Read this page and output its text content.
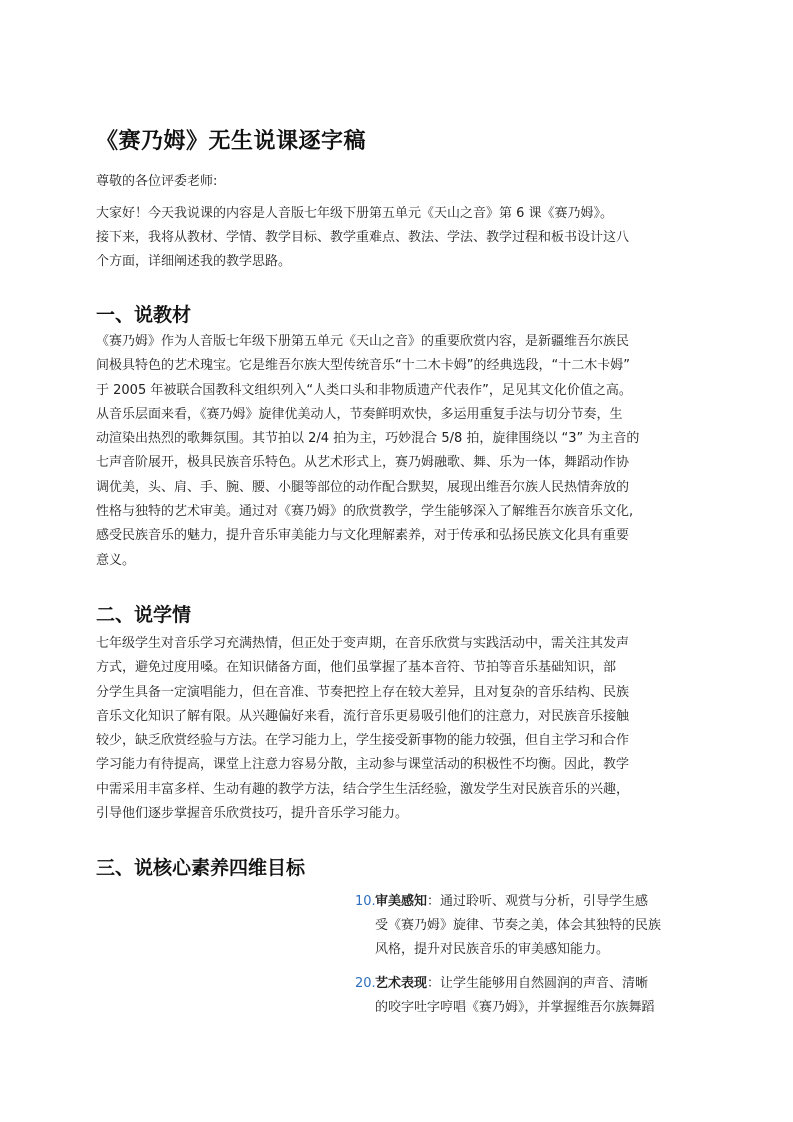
《赛乃姆》无生说课逐字稿
尊敬的各位评委老师:
大家好！今天我说课的内容是人音版七年级下册第五单元《天山之音》第 6 课《赛乃姆》。
接下来，我将从教材、学情、教学目标、教学重难点、教法、学法、教学过程和板书设计这八
个方面，详细阐述我的教学思路。
一、说教材
《赛乃姆》作为人音版七年级下册第五单元《天山之音》的重要欣赏内容，是新疆维吾尔族民
间极具特色的艺术瑰宝。它是维吾尔族大型传统音乐“十二木卡姆”的经典选段，“十二木卡姆”
于 2005 年被联合国教科文组织列入“人类口头和非物质遗产代表作”，足见其文化价值之高。
从音乐层面来看，《赛乃姆》旋律优美动人，节奏鲜明欢快，多运用重复手法与切分节奏，生
动渲染出热烈的歌舞氛围。其节拍以 2/4 拍为主，巧妙混合 5/8 拍，旋律围绕以 “3” 为主音的
七声音阶展开，极具民族音乐特色。从艺术形式上，赛乃姆融歌、舞、乐为一体，舞蹈动作协
调优美，头、肩、手、腕、腰、小腿等部位的动作配合默契，展现出维吾尔族人民热情奔放的
性格与独特的艺术审美。通过对《赛乃姆》的欣赏教学，学生能够深入了解维吾尔族音乐文化,
感受民族音乐的魅力，提升音乐审美能力与文化理解素养，对于传承和弘扬民族文化具有重要
意义。
二、说学情
七年级学生对音乐学习充满热情，但正处于变声期，在音乐欣赏与实践活动中，需关注其发声
方式，避免过度用嗓。在知识储备方面，他们虽掌握了基本音符、节拍等音乐基础知识，部
分学生具备一定演唱能力，但在音准、节奏把控上存在较大差异，且对复杂的音乐结构、民族
音乐文化知识了解有限。从兴趣偏好来看，流行音乐更易吸引他们的注意力，对民族音乐接触
较少，缺乏欣赏经验与方法。在学习能力上，学生接受新事物的能力较强，但自主学习和合作
学习能力有待提高，课堂上注意力容易分散，主动参与课堂活动的积极性不均衡。因此，教学
中需采用丰富多样、生动有趣的教学方法，结合学生生活经验，激发学生对民族音乐的兴趣，
引导他们逐步掌握音乐欣赏技巧，提升音乐学习能力。
三、说核心素养四维目标
10. 审美感知：通过聆听、观赏与分析，引导学生感
受《赛乃姆》旋律、节奏之美，体会其独特的民族
风格，提升对民族音乐的审美感知能力。
20. 艺术表现：让学生能够用自然圆润的声音、清晰
的咬字吐字哼唱《赛乃姆》，并掌握维吾尔族舞蹈
